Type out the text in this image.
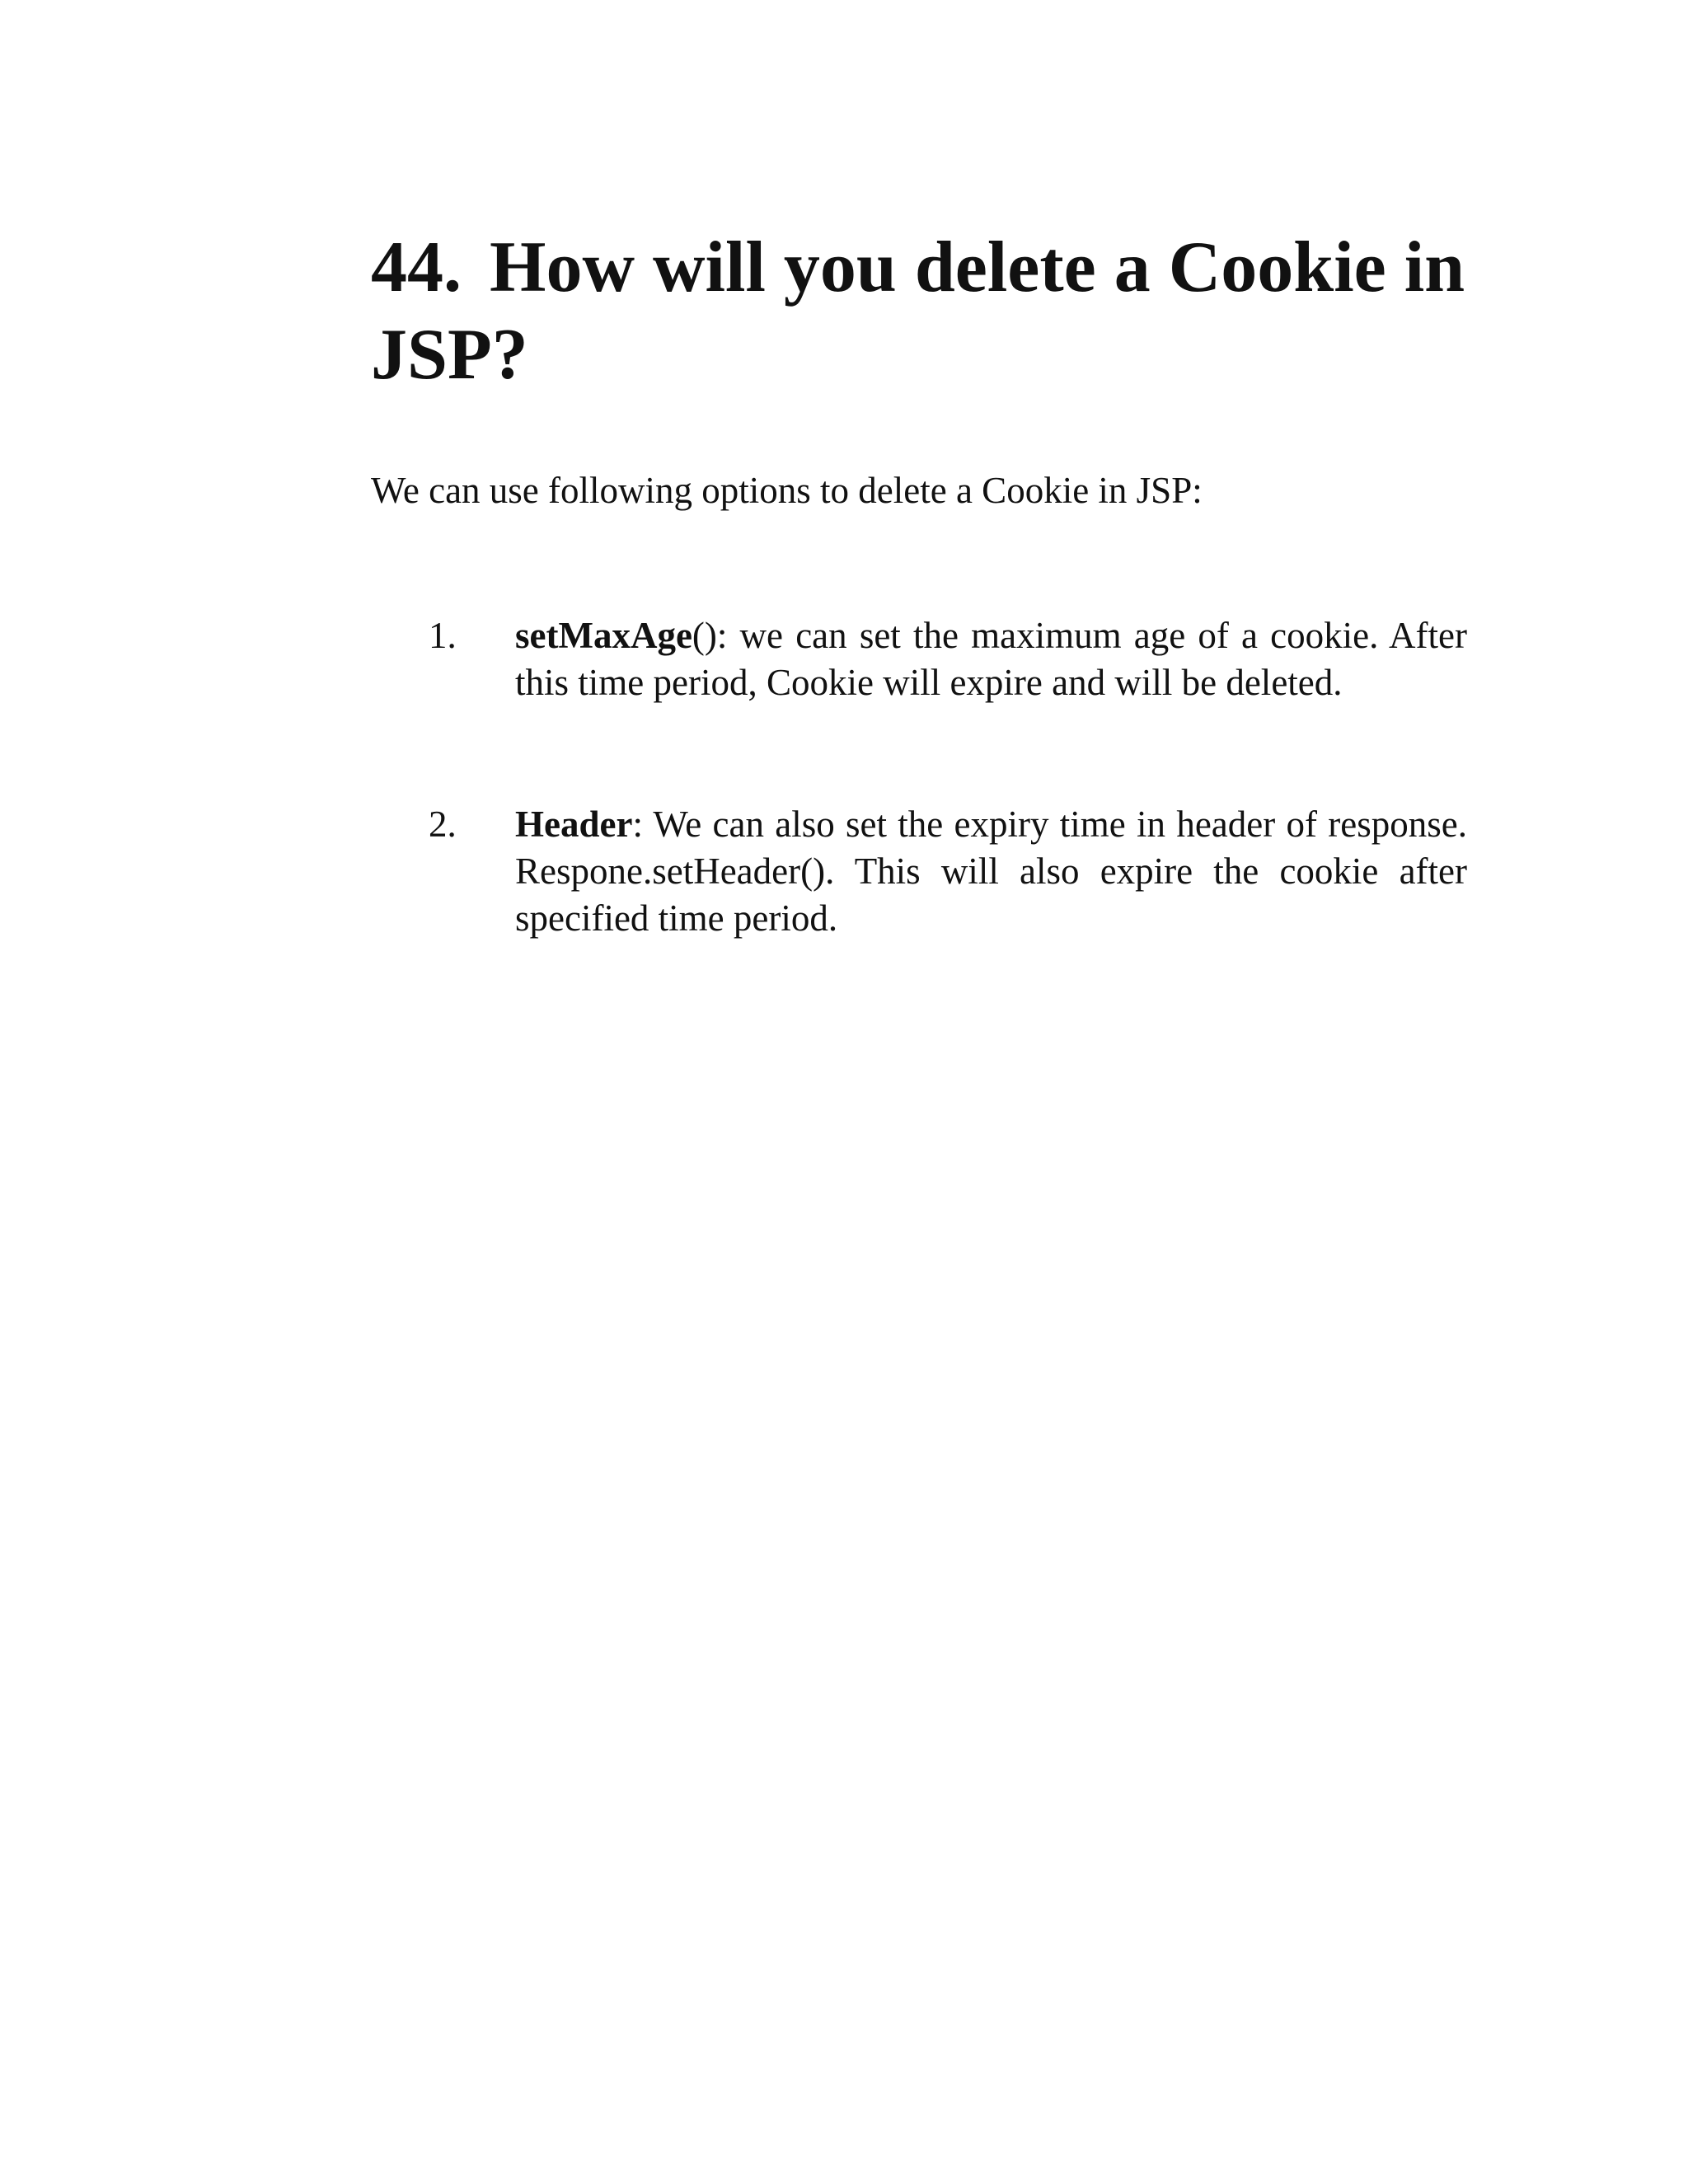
44. How will you delete a Cookie in JSP?

We can use following options to delete a Cookie in JSP:

1.	setMaxAge(): we can set the maximum age of a cookie. After this time period, Cookie will expire and will be deleted.
2.	Header: We can also set the expiry time in header of response. Respone.setHeader(). This will also expire the cookie after specified time period.
